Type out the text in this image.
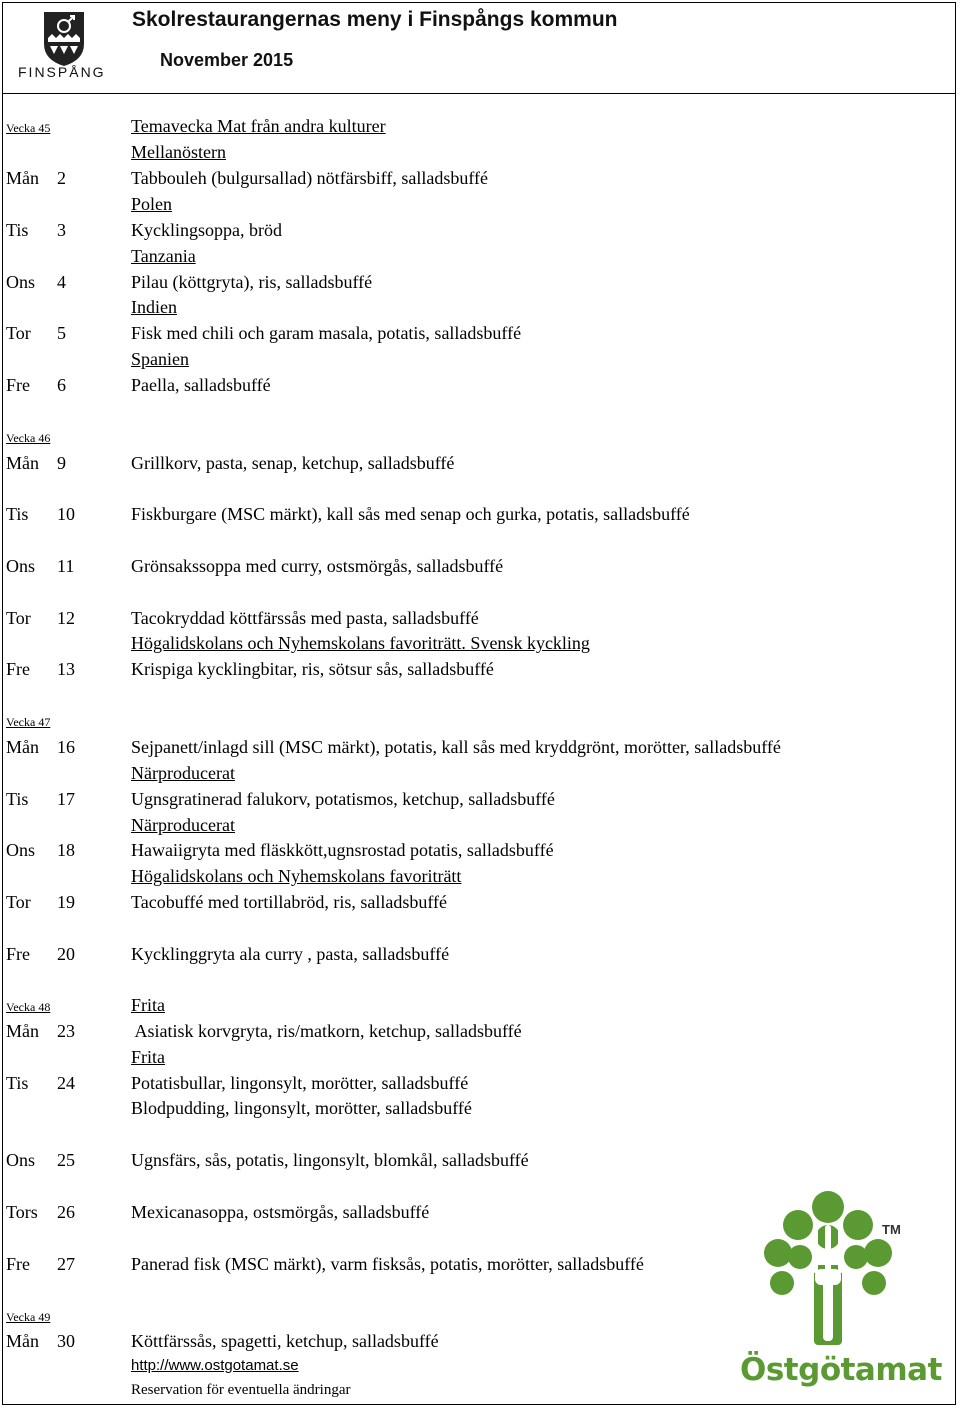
FINSPÅNG
Skolrestaurangernas meny i Finspångs kommun
November 2015
Vecka 45	Temavecka Mat från andra kulturer
Mellanöstern
Mån 2	Tabbouleh (bulgursallad) nötfärsbiff, salladsbuffé
Polen
Tis 3	Kycklingsoppa, bröd
Tanzania
Ons 4	Pilau (köttgryta), ris, salladsbuffé
Indien
Tor 5	Fisk med chili och garam masala, potatis, salladsbuffé
Spanien
Fre 6	Paella, salladsbuffé
Vecka 46
Mån 9	Grillkorv, pasta, senap, ketchup, salladsbuffé
Tis 10	Fiskburgare (MSC märkt), kall sås med senap och gurka, potatis, salladsbuffé
Ons 11	Grönsakssoppa med curry, ostsmörgås, salladsbuffé
Tor 12	Tacokryddad köttfärssås med pasta, salladsbuffé
Högalidskolans och Nyhemskolans favoriträtt. Svensk kyckling
Fre 13	Krispiga kycklingbitar, ris, sötsur sås, salladsbuffé
Vecka 47
Mån 16	Sejpanett/inlagd sill (MSC märkt), potatis, kall sås med kryddgrönt, morötter, salladsbuffé
Närproducerat
Tis 17	Ugnsgratinerad falukorv, potatismos, ketchup, salladsbuffé
Närproducerat
Ons 18	Hawaiigryta med fläskkött,ugnsrostad potatis, salladsbuffé
Högalidskolans och Nyhemskolans favoriträtt
Tor 19	Tacobuffé med tortillabröd, ris, salladsbuffé
Fre 20	Kycklinggryta ala curry , pasta, salladsbuffé
Vecka 48	Frita
Mån 23	Asiatisk korvgryta, ris/matkorn, ketchup, salladsbuffé
Frita
Tis 24	Potatisbullar, lingonsylt, morötter, salladsbuffé
Blodpudding, lingonsylt, morötter, salladsbuffé
Ons 25	Ugnsfärs, sås, potatis, lingonsylt, blomkål, salladsbuffé
Tors 26	Mexicanasoppa, ostsmörgås, salladsbuffé
Fre 27	Panerad fisk (MSC märkt), varm fisksås, potatis, morötter, salladsbuffé
Vecka 49
Mån 30	Köttfärssås, spagetti, ketchup, salladsbuffé
http://www.ostgotamat.se
Reservation för eventuella ändringar
TM
Östgötamat
